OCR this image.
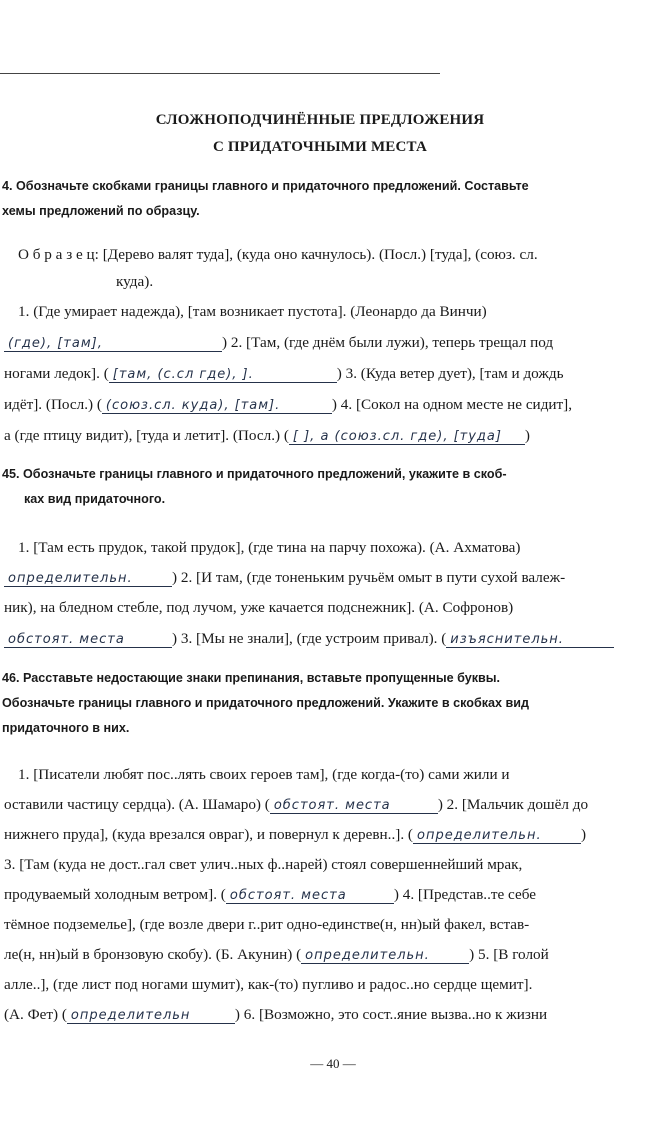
СЛОЖНОПОДЧИНЁННЫЕ ПРЕДЛОЖЕНИЯ
С ПРИДАТОЧНЫМИ МЕСТА
4. Обозначьте скобками границы главного и придаточного предложений. Составьте
хемы предложений по образцу.
О б р а з е ц: [Дерево валят туда], (куда оно качнулось). (Посл.) [туда], (союз. сл.
куда).
1. (Где умирает надежда), [там возникает пустота]. (Леонардо да Винчи)
(где), [там],	) 2. [Там, (где днём были лужи), теперь трещал под
ногами ледок]. ( [там, (с.сл где), ].	) 3. (Куда ветер дует), [там и дождь
идёт]. (Посл.) ( (союз.сл. куда), [там].	) 4. [Сокол на одном месте не сидит],
а (где птицу видит), [туда и летит]. (Посл.) ( [ ], а (союз.сл. где), [туда] )
45. Обозначьте границы главного и придаточного предложений, укажите в скоб-
ках вид придаточного.
1. [Там есть прудок, такой прудок], (где тина на парчу похожа). (А. Ахматова)
определительн.	) 2. [И там, (где тоненьким ручьём омыт в пути сухой валеж-
ник), на бледном стебле, под лучом, уже качается подснежник]. (А. Софронов)
обстоят. места	) 3. [Мы не знали], (где устроим привал). ( изъяснительн.
46. Расставьте недостающие знаки препинания, вставьте пропущенные буквы.
Обозначьте границы главного и придаточного предложений. Укажите в скобках вид
придаточного в них.
1. [Писатели любят пос..лять своих героев там], (где когда-(то) сами жили и
оставили частицу сердца). (А. Шамаро) ( обстоят. места	) 2. [Мальчик дошёл до
нижнего пруда], (куда врезался овраг), и повернул к деревн..]. ( определительн.	)
3. [Там (куда не дост..гал свет улич..ных ф..нарей) стоял совершеннейший мрак,
продуваемый холодным ветром]. ( обстоят. места	) 4. [Представ..те себе
тёмное подземелье], (где возле двери г..рит одно-единстве(н, нн)ый факел, встав-
ле(н, нн)ый в бронзовую скобу). (Б. Акунин) ( определительн.	) 5. [В голой
алле..], (где лист под ногами шумит), как-(то) пугливо и радос..но сердце щемит].
(А. Фет) ( определительн	) 6. [Возможно, это сост..яние вызва..но к жизни
— 40 —
